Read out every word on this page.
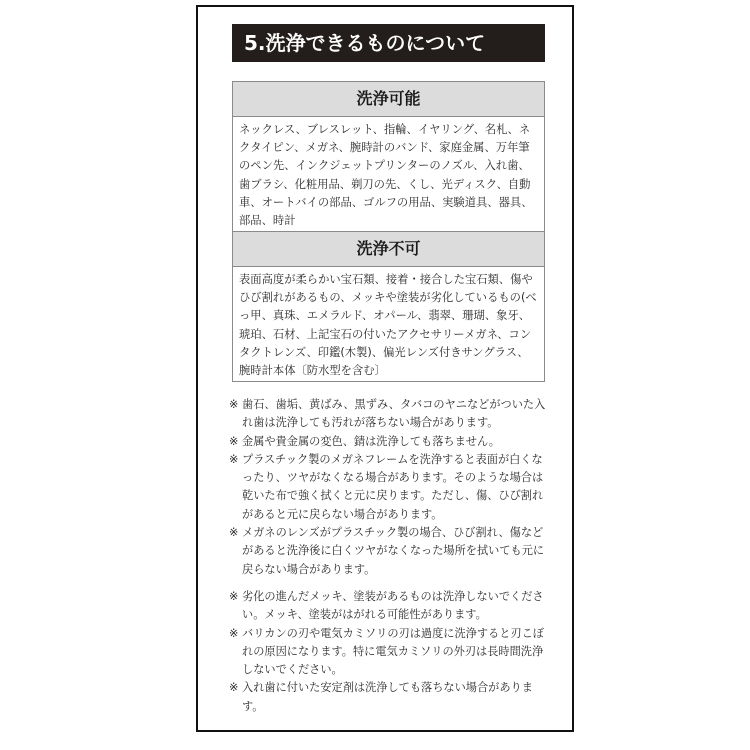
5.洗浄できるものについて
洗浄可能
ネックレス、ブレスレット、指輪、イヤリング、名札、ネクタイピン、メガネ、腕時計のバンド、家庭金属、万年筆のペン先、インクジェットプリンターのノズル、入れ歯、歯ブラシ、化粧用品、剃刀の先、くし、光ディスク、自動車、オートバイの部品、ゴルフの用品、実験道具、器具、部品、時計
洗浄不可
表面高度が柔らかい宝石類、接着・接合した宝石類、傷やひび割れがあるもの、メッキや塗装が劣化しているもの(べっ甲、真珠、エメラルド、オパール、翡翠、珊瑚、象牙、琥珀、石材、上記宝石の付いたアクセサリーメガネ、コンタクトレンズ、印鑑(木製)、偏光レンズ付きサングラス、腕時計本体〔防水型を含む〕
※ 歯石、歯垢、黄ばみ、黒ずみ、タバコのヤニなどがついた入れ歯は洗浄しても汚れが落ちない場合があります。
※ 金属や貴金属の変色、錆は洗浄しても落ちません。
※ プラスチック製のメガネフレームを洗浄すると表面が白くなったり、ツヤがなくなる場合があります。そのような場合は乾いた布で強く拭くと元に戻ります。ただし、傷、ひび割れがあると元に戻らない場合があります。
※ メガネのレンズがプラスチック製の場合、ひび割れ、傷などがあると洗浄後に白くツヤがなくなった場所を拭いても元に戻らない場合があります。
※ 劣化の進んだメッキ、塗装があるものは洗浄しないでください。メッキ、塗装がはがれる可能性があります。
※ バリカンの刃や電気カミソリの刃は過度に洗浄すると刃こぼれの原因になります。特に電気カミソリの外刃は長時間洗浄しないでください。
※ 入れ歯に付いた安定剤は洗浄しても落ちない場合があります。
